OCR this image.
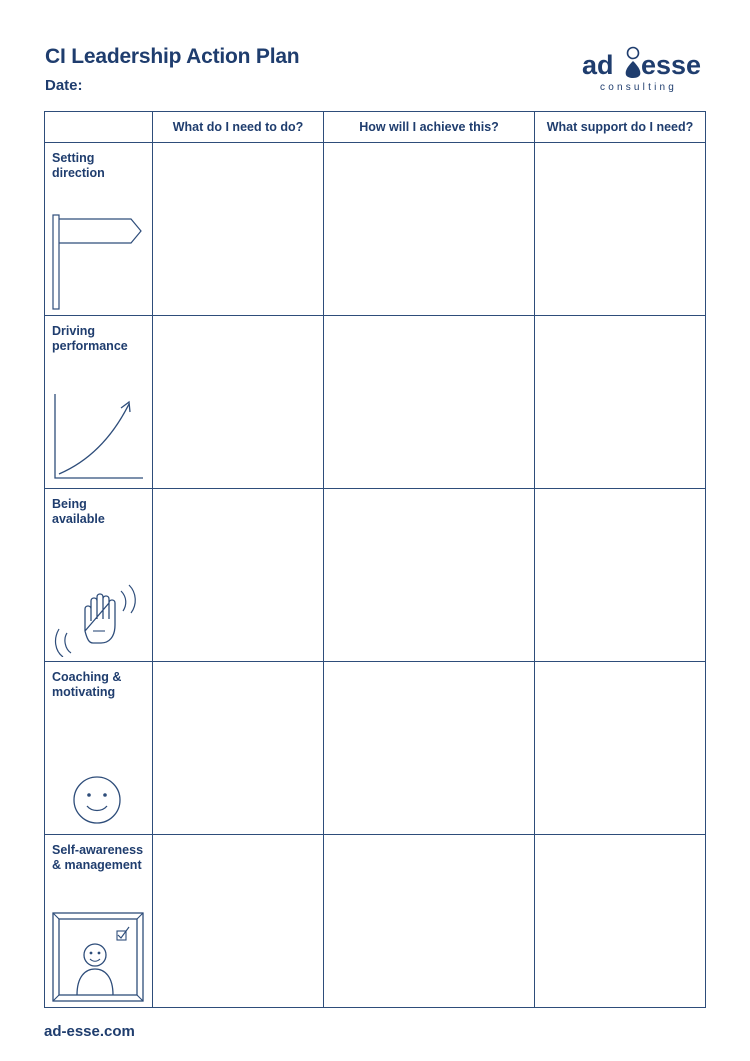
CI Leadership Action Plan
Date:
ad esse
consulting
	What do I need to do?	How will I achieve this?	What support do I need?

Setting
direction			

Driving
performance			

Being
available			

Coaching &
motivating			

Self-awareness
& management			

ad-esse.com
